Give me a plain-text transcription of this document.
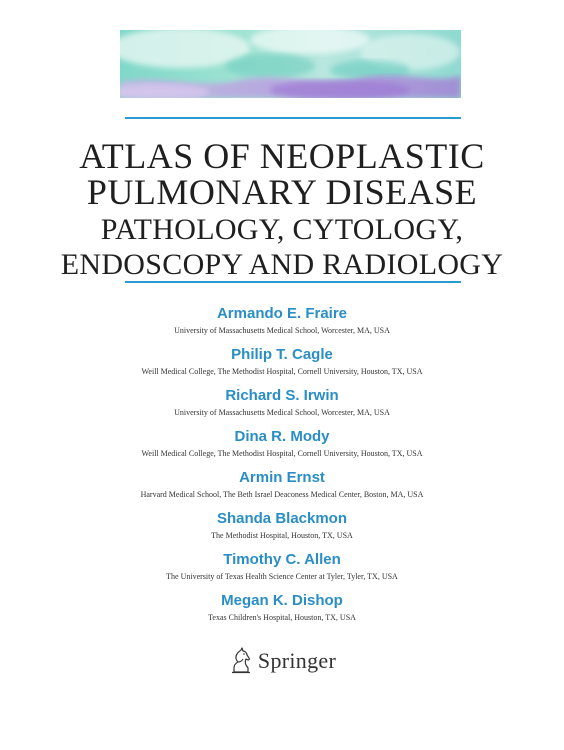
ATLAS OF NEOPLASTIC
PULMONARY DISEASE
PATHOLOGY, CYTOLOGY,
ENDOSCOPY AND RADIOLOGY
Armando E. Fraire
University of Massachusetts Medical School, Worcester, MA, USA
Philip T. Cagle
Weill Medical College, The Methodist Hospital, Cornell University, Houston, TX, USA
Richard S. Irwin
University of Massachusetts Medical School, Worcester, MA, USA
Dina R. Mody
Weill Medical College, The Methodist Hospital, Cornell University, Houston, TX, USA
Armin Ernst
Harvard Medical School, The Beth Israel Deaconess Medical Center, Boston, MA, USA
Shanda Blackmon
The Methodist Hospital, Houston, TX, USA
Timothy C. Allen
The University of Texas Health Science Center at Tyler, Tyler, TX, USA
Megan K. Dishop
Texas Children's Hospital, Houston, TX, USA
Springer
